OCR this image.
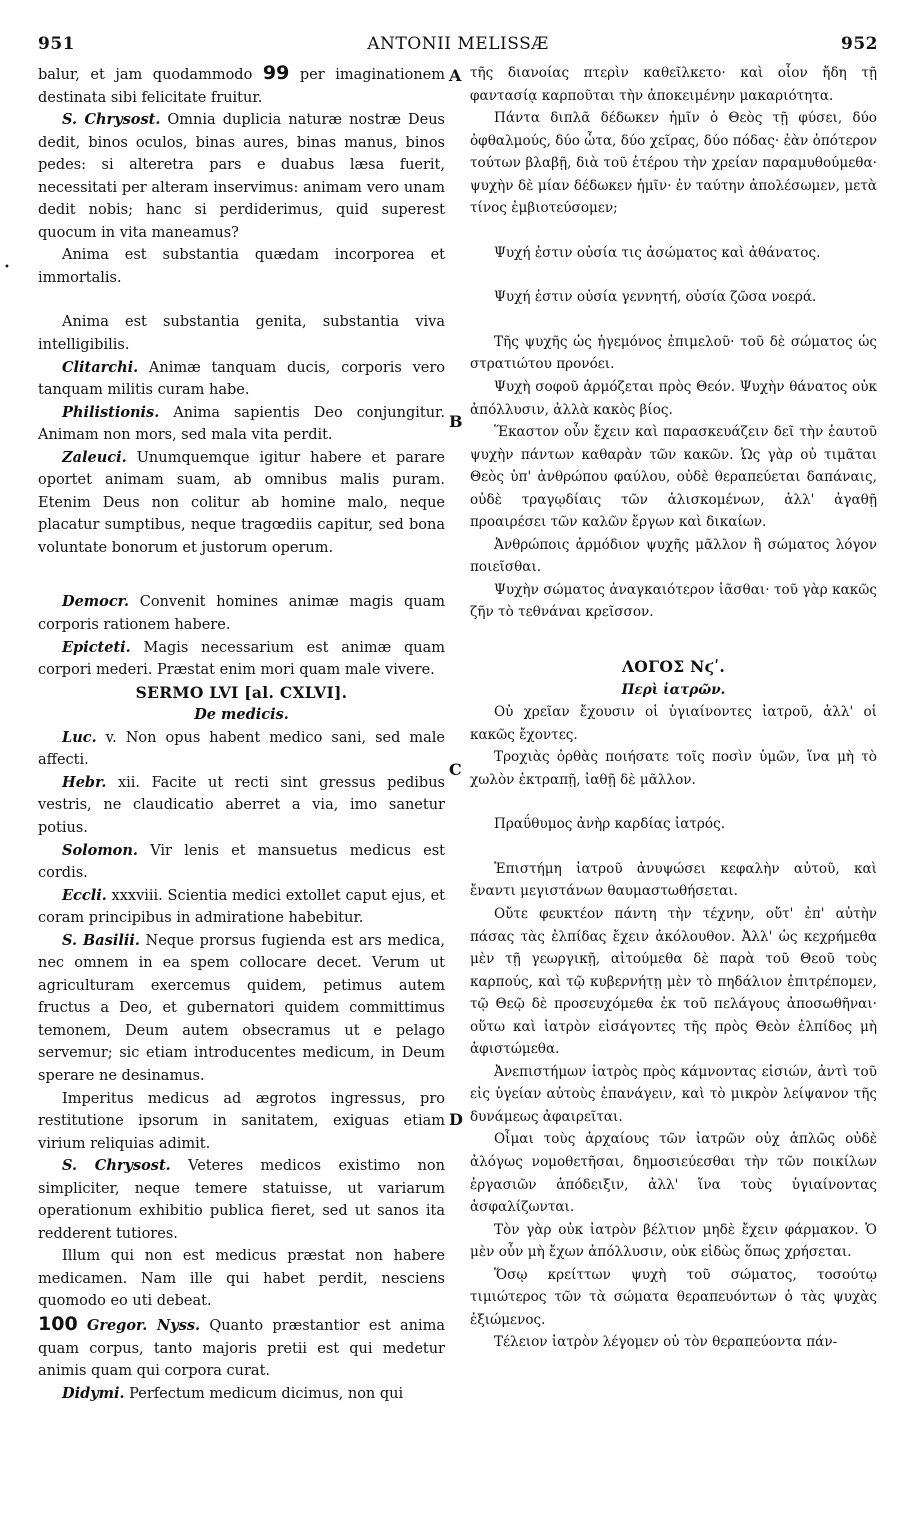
951	ANTONII MELISSÆ	952
•
A
B
C
D

balur, et jam quodammodo 99 per imaginationem destinata sibi felicitate fruitur.

S. Chrysost. Omnia duplicia naturæ nostræ Deus dedit, binos oculos, binas aures, binas manus, binos pedes: si alteretra pars e duabus læsa fuerit, necessitati per alteram inservimus: animam vero unam dedit nobis; hanc si perdiderimus, quid superest quocum in vita maneamus?

Anima est substantia quædam incorporea et immortalis.

Anima est substantia genita, substantia viva intelligibilis.

Clitarchi. Animæ tanquam ducis, corporis vero tanquam militis curam habe.

Philistionis. Anima sapientis Deo conjungitur. Animam non mors, sed mala vita perdit.

Zaleuci. Unumquemque igitur habere et parare oportet animam suam, ab omnibus malis puram. Etenim Deus non colitur ab homine malo, neque placatur sumptibus, neque tragœdiis capitur, sed bona voluntate bonorum et justorum operum.

Democr. Convenit homines animæ magis quam corporis rationem habere.

Epicteti. Magis necessarium est animæ quam corpori mederi. Præstat enim mori quam male vivere.

SERMO LVI [al. CXLVI].

De medicis.

Luc. v. Non opus habent medico sani, sed male affecti.

Hebr. xii. Facite ut recti sint gressus pedibus vestris, ne claudicatio aberret a via, imo sanetur potius.

Solomon. Vir lenis et mansuetus medicus est cordis.

Eccli. xxxviii. Scientia medici extollet caput ejus, et coram principibus in admiratione habebitur.

S. Basilii. Neque prorsus fugienda est ars medica, nec omnem in ea spem collocare decet. Verum ut agriculturam exercemus quidem, petimus autem fructus a Deo, et gubernatori quidem committimus temonem, Deum autem obsecramus ut e pelago servemur; sic etiam introducentes medicum, in Deum sperare ne desinamus.

Imperitus medicus ad ægrotos ingressus, pro restitutione ipsorum in sanitatem, exiguas etiam virium reliquias adimit.

S. Chrysost. Veteres medicos existimo non simpliciter, neque temere statuisse, ut variarum operationum exhibitio publica fieret, sed ut sanos ita redderent tutiores.

Illum qui non est medicus præstat non habere medicamen. Nam ille qui habet perdit, nesciens quomodo eo uti debeat.

100 Gregor. Nyss. Quanto præstantior est anima quam corpus, tanto majoris pretii est qui medetur animis quam qui corpora curat.

Didymi. Perfectum medicum dicimus, non qui

τῆς διανοίας πτερὶν καθεῖλκετο· καὶ οἷον ἤδη τῇ φαντασίᾳ καρποῦται τὴν ἀποκειμένην μακαριότητα.

Πάντα διπλᾶ δέδωκεν ἡμῖν ὁ Θεὸς τῇ φύσει, δύο ὀφθαλμούς, δύο ὦτα, δύο χεῖρας, δύο πόδας· ἐὰν ὁπότερον τούτων βλαβῇ, διὰ τοῦ ἑτέρου τὴν χρείαν παραμυθούμεθα· ψυχὴν δὲ μίαν δέδωκεν ἡμῖν· ἐν ταύτην ἀπολέσωμεν, μετὰ τίνος ἐμβιοτεύσομεν;

Ψυχή ἐστιν οὐσία τις ἀσώματος καὶ ἀθάνατος.

Ψυχή ἐστιν οὐσία γεννητή, οὐσία ζῶσα νοερά.

Τῆς ψυχῆς ὡς ἡγεμόνος ἐπιμελοῦ· τοῦ δὲ σώματος ὡς στρατιώτου προνόει.

Ψυχὴ σοφοῦ ἁρμόζεται πρὸς Θεόν. Ψυχὴν θάνατος οὐκ ἀπόλλυσιν, ἀλλὰ κακὸς βίος.

Ἕκαστον οὖν ἔχειν καὶ παρασκευάζειν δεῖ τὴν ἑαυτοῦ ψυχὴν πάντων καθαρὰν τῶν κακῶν. Ὡς γὰρ οὐ τιμᾶται Θεὸς ὑπ' ἀνθρώπου φαύλου, οὐδὲ θεραπεύεται δαπάναις, οὐδὲ τραγῳδίαις τῶν ἁλισκομένων, ἀλλ' ἀγαθῇ προαιρέσει τῶν καλῶν ἔργων καὶ δικαίων.

Ἀνθρώποις ἁρμόδιον ψυχῆς μᾶλλον ἢ σώματος λόγον ποιεῖσθαι.

Ψυχὴν σώματος ἀναγκαιότερον ἰᾶσθαι· τοῦ γὰρ κακῶς ζῆν τὸ τεθνάναι κρεῖσσον.

ΛΟΓΟΣ Νϛʹ.

Περὶ ἰατρῶν.

Οὐ χρεῖαν ἔχουσιν οἱ ὑγιαίνοντες ἰατροῦ, ἀλλ' οἱ κακῶς ἔχοντες.

Τροχιὰς ὀρθὰς ποιήσατε τοῖς ποσὶν ὑμῶν, ἵνα μὴ τὸ χωλὸν ἐκτραπῇ, ἰαθῇ δὲ μᾶλλον.

Πραΰθυμος ἀνὴρ καρδίας ἰατρός.

Ἐπιστήμη ἰατροῦ ἀνυψώσει κεφαλὴν αὐτοῦ, καὶ ἔναντι μεγιστάνων θαυμαστωθήσεται.

Οὔτε φευκτέον πάντη τὴν τέχνην, οὔτ' ἐπ' αὐτὴν πάσας τὰς ἐλπίδας ἔχειν ἀκόλουθον. Ἀλλ' ὡς κεχρήμεθα μὲν τῇ γεωργικῇ, αἰτούμεθα δὲ παρὰ τοῦ Θεοῦ τοὺς καρπούς, καὶ τῷ κυβερνήτῃ μὲν τὸ πηδάλιον ἐπιτρέπομεν, τῷ Θεῷ δὲ προσευχόμεθα ἐκ τοῦ πελάγους ἀποσωθῆναι· οὕτω καὶ ἰατρὸν εἰσάγοντες τῆς πρὸς Θεὸν ἐλπίδος μὴ ἀφιστώμεθα.

Ἀνεπιστήμων ἰατρὸς πρὸς κάμνοντας εἰσιών, ἀντὶ τοῦ εἰς ὑγείαν αὐτοὺς ἐπανάγειν, καὶ τὸ μικρὸν λείψανον τῆς δυνάμεως ἀφαιρεῖται.

Οἶμαι τοὺς ἀρχαίους τῶν ἰατρῶν οὐχ ἁπλῶς οὐδὲ ἀλόγως νομοθετῆσαι, δημοσιεύεσθαι τὴν τῶν ποικίλων ἐργασιῶν ἀπόδειξιν, ἀλλ' ἵνα τοὺς ὑγιαίνοντας ἀσφαλίζωνται.

Τὸν γὰρ οὐκ ἰατρὸν βέλτιον μηδὲ ἔχειν φάρμακον. Ὁ μὲν οὖν μὴ ἔχων ἀπόλλυσιν, οὐκ εἰδὼς ὅπως χρήσεται.

Ὅσῳ κρείττων ψυχὴ τοῦ σώματος, τοσούτῳ τιμιώτερος τῶν τὰ σώματα θεραπευόντων ὁ τὰς ψυχὰς ἐξιώμενος.

Τέλειον ἰατρὸν λέγομεν οὐ τὸν θεραπεύοντα πάν-
